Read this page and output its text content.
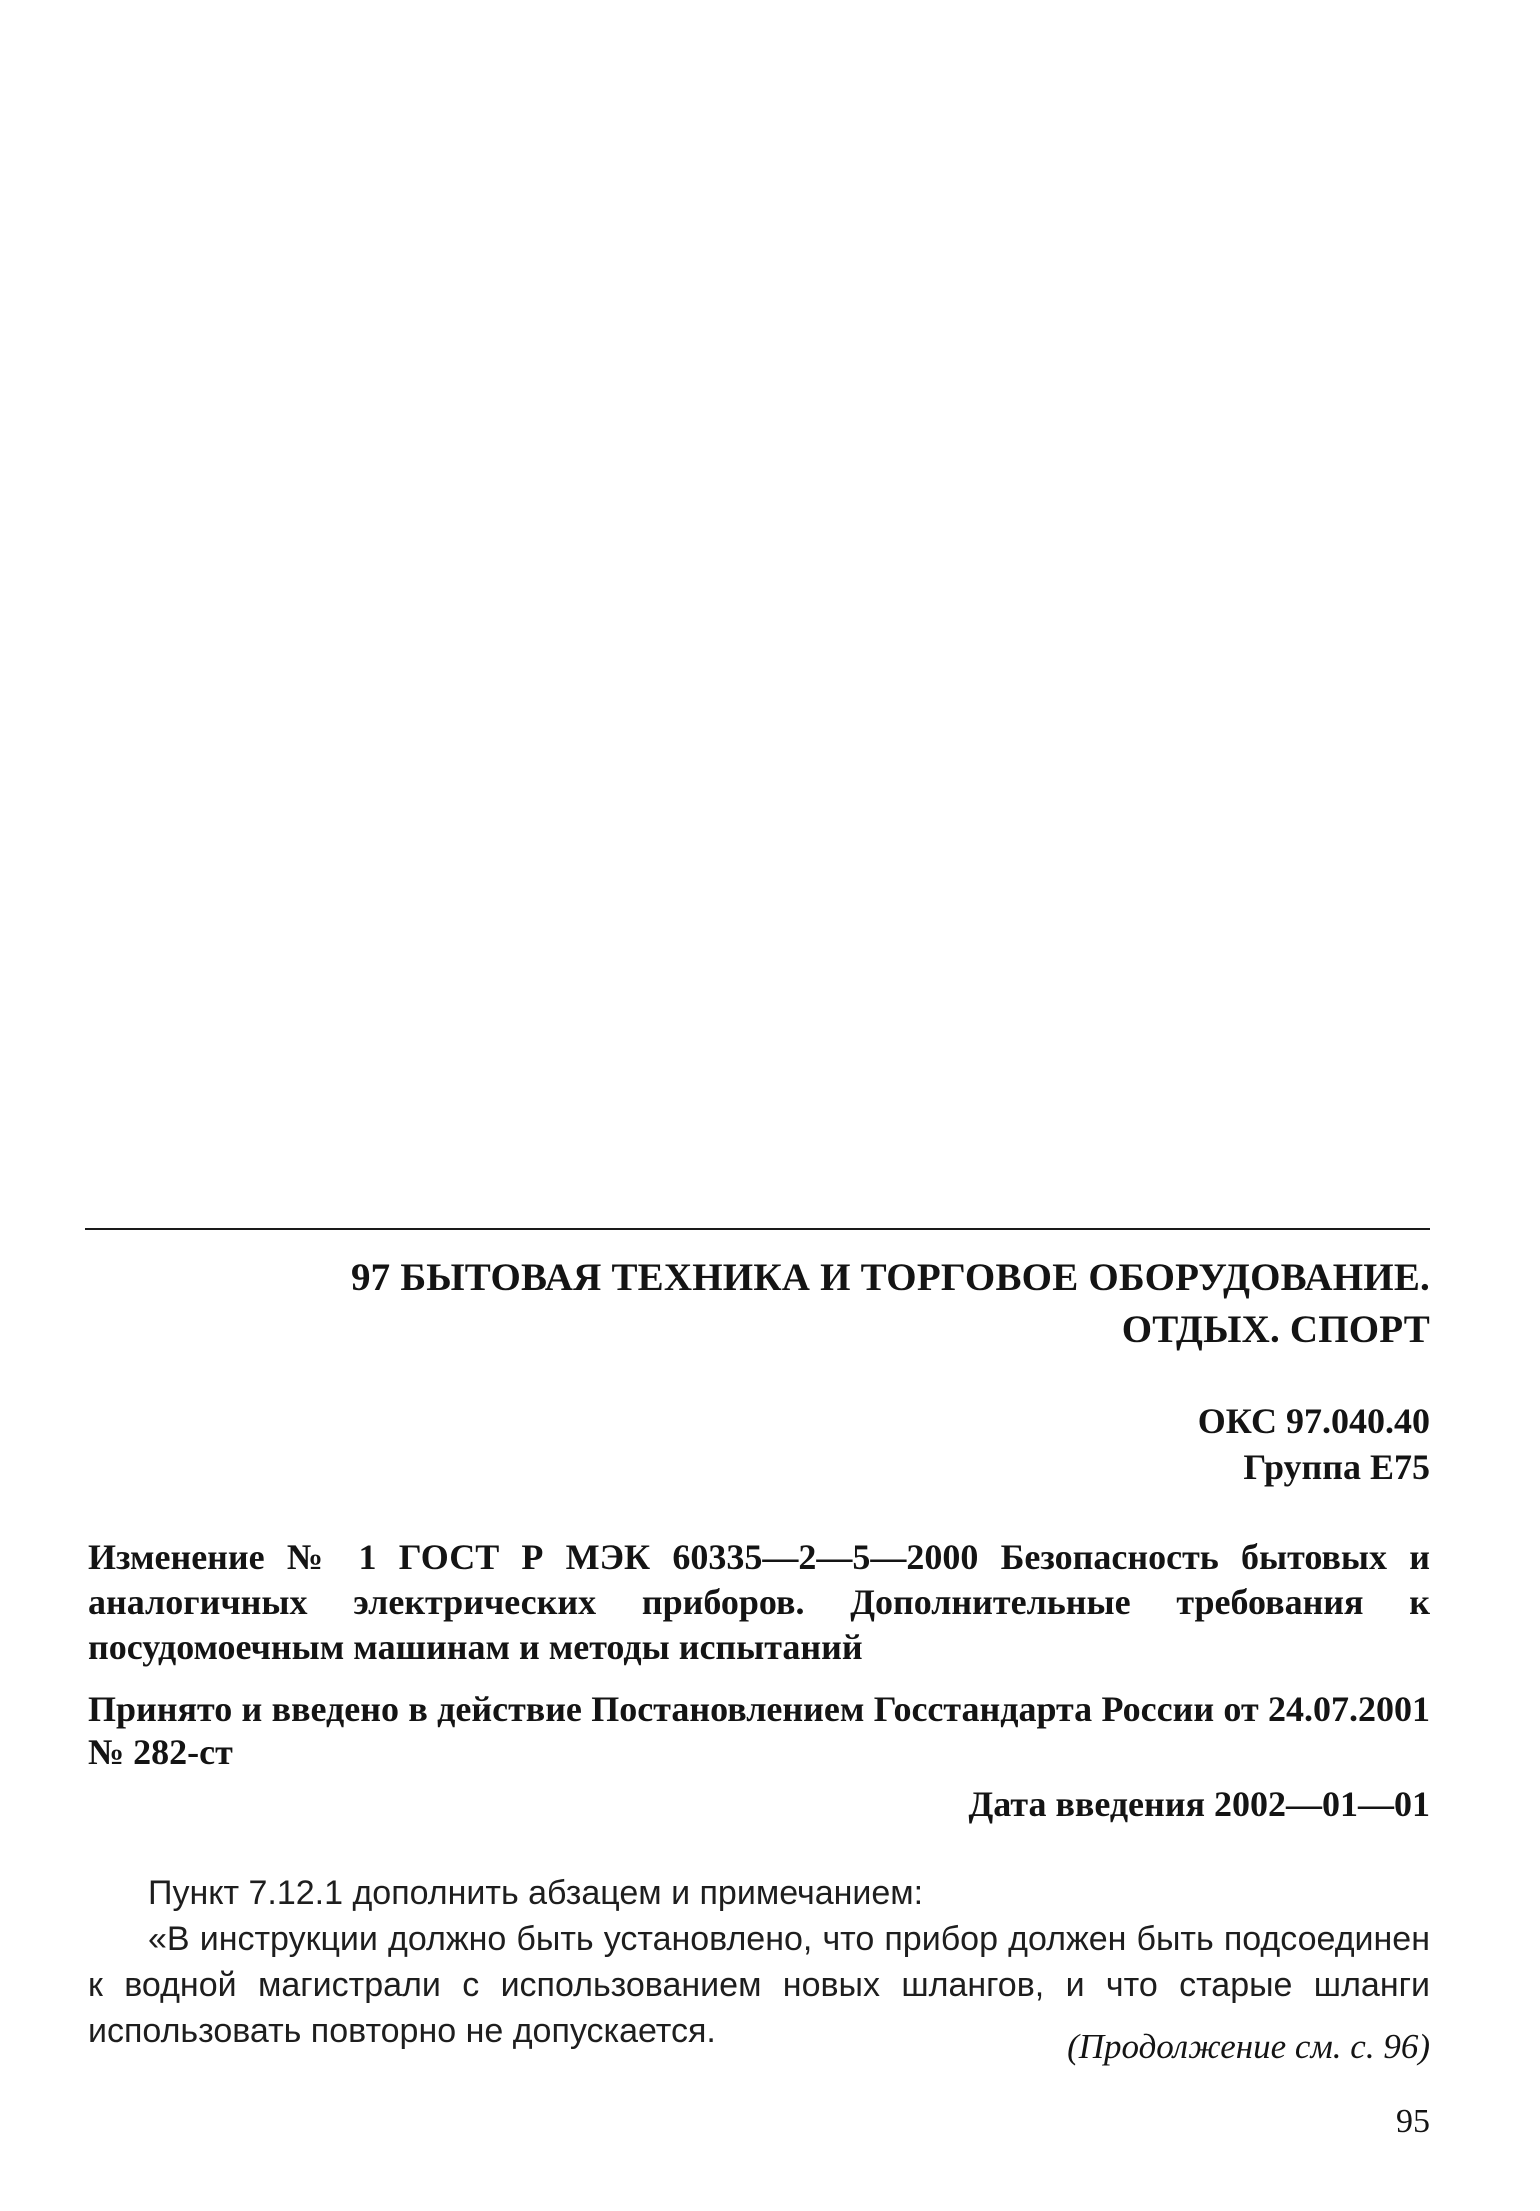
97 БЫТОВАЯ ТЕХНИКА И ТОРГОВОЕ ОБОРУДОВАНИЕ.
ОТДЫХ. СПОРТ
ОКС 97.040.40
Группа Е75
Изменение № 1 ГОСТ Р МЭК 60335—2—5—2000 Безопасность бытовых и аналогичных электрических приборов. Дополнительные требования к посудомоечным машинам и методы испытаний
Принято и введено в действие Постановлением Госстандарта России от 24.07.2001 № 282-ст
Дата введения 2002—01—01

Пункт 7.12.1 дополнить абзацем и примечанием:

«В инструкции должно быть установлено, что прибор должен быть подсоединен к водной магистрали с использованием новых шлангов, и что старые шланги использовать повторно не допускается.	(Продолжение см. с. 96)
95
